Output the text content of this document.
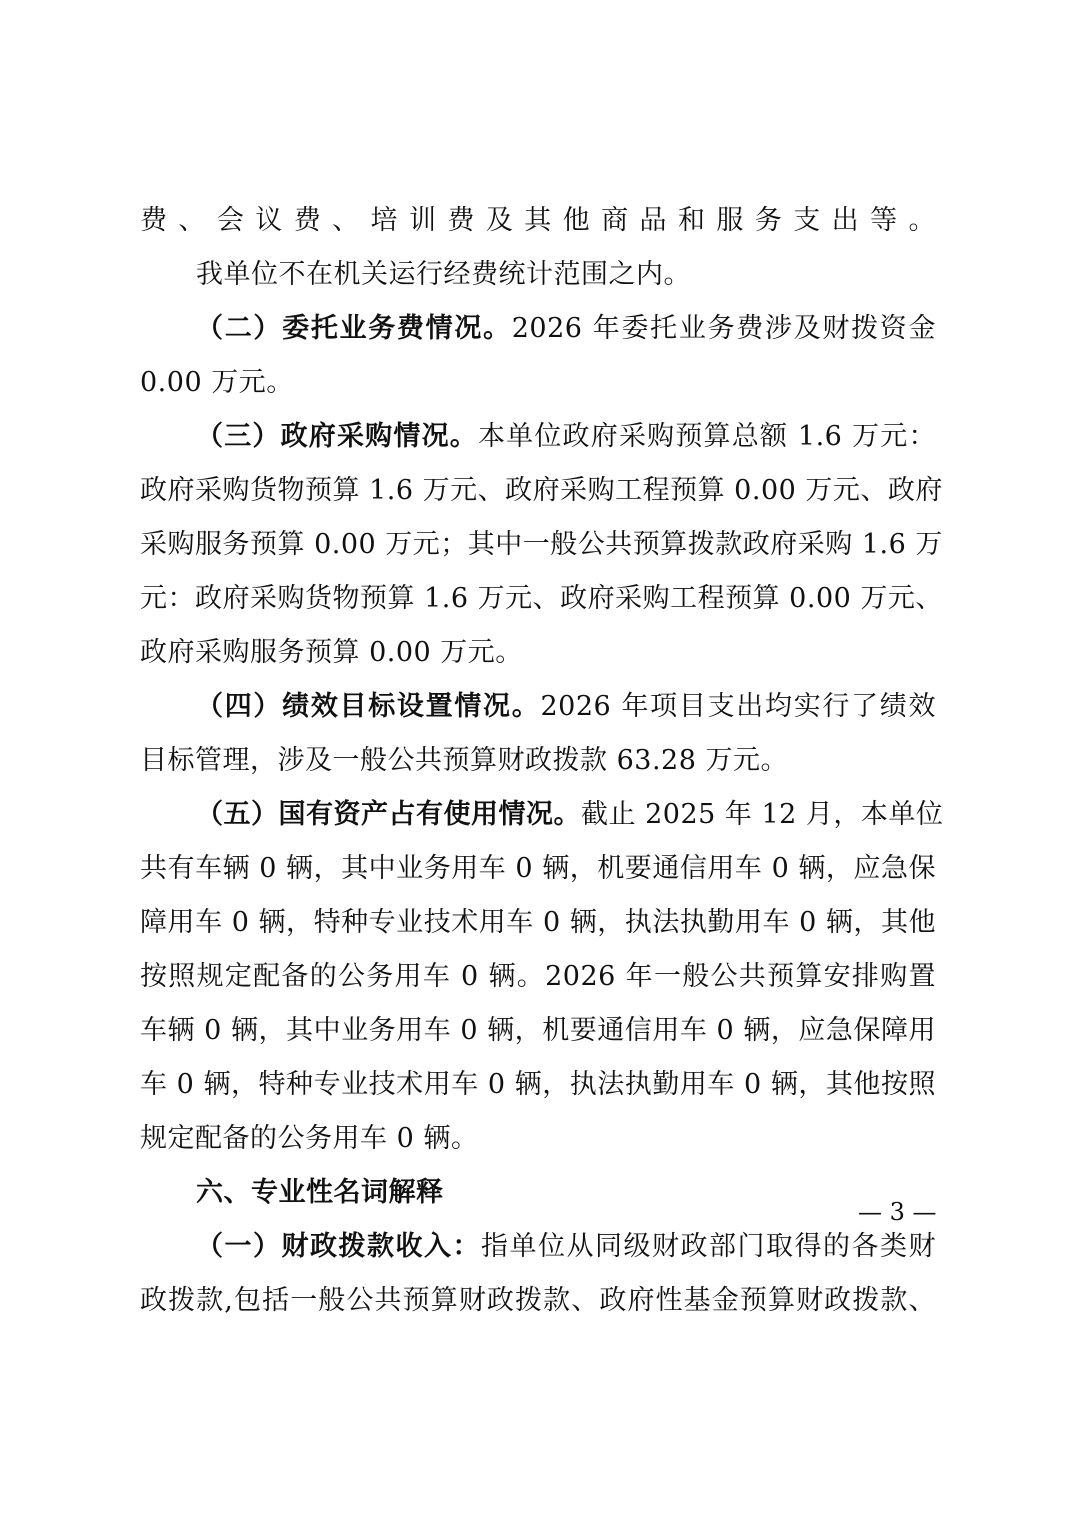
费、会议费、培训费及其他商品和服务支出等。
我单位不在机关运行经费统计范围之内。
（二）委托业务费情况。2026 年委托业务费涉及财拨资金
0.00 万元。
（三）政府采购情况。本单位政府采购预算总额 1.6 万元：
政府采购货物预算 1.6 万元、政府采购工程预算 0.00 万元、政府
采购服务预算 0.00 万元；其中一般公共预算拨款政府采购 1.6 万
元：政府采购货物预算 1.6 万元、政府采购工程预算 0.00 万元、
政府采购服务预算 0.00 万元。
（四）绩效目标设置情况。2026 年项目支出均实行了绩效
目标管理，涉及一般公共预算财政拨款 63.28 万元。
（五）国有资产占有使用情况。截止 2025 年 12 月，本单位
共有车辆 0 辆，其中业务用车 0 辆，机要通信用车 0 辆，应急保
障用车 0 辆，特种专业技术用车 0 辆，执法执勤用车 0 辆，其他
按照规定配备的公务用车 0 辆。2026 年一般公共预算安排购置
车辆 0 辆，其中业务用车 0 辆，机要通信用车 0 辆，应急保障用
车 0 辆，特种专业技术用车 0 辆，执法执勤用车 0 辆，其他按照
规定配备的公务用车 0 辆。
六、专业性名词解释
（一）财政拨款收入：指单位从同级财政部门取得的各类财
政拨款,包括一般公共预算财政拨款、政府性基金预算财政拨款、
— 3 —
